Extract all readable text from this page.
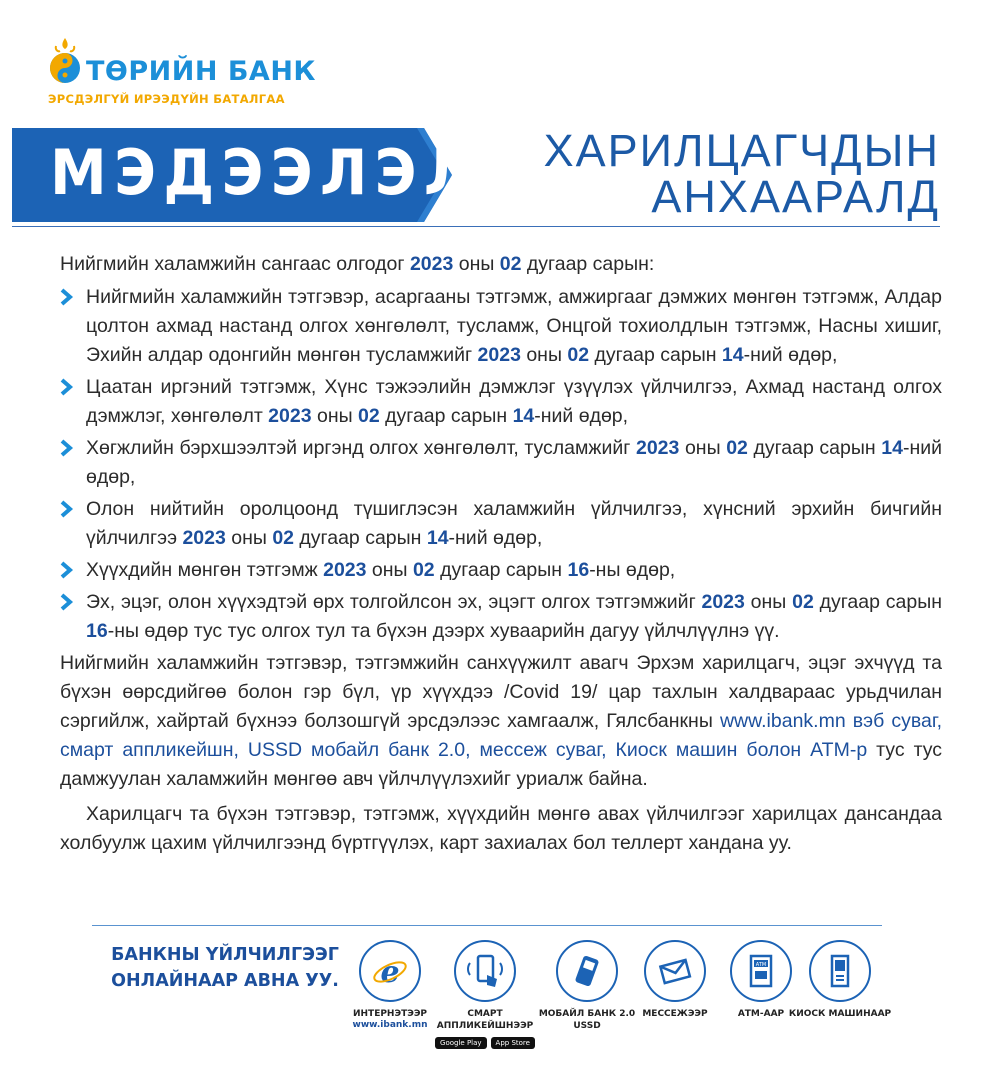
ТӨРИЙН БАНК
ЭРСДЭЛГҮЙ ИРЭЭДҮЙН БАТАЛГАА
МЭДЭЭЛЭЛ ХАРИЛЦАГЧДЫН
АНХААРАЛД

Нийгмийн халамжийн сангаас олгодог 2023 оны 02 дугаар сарын:

Нийгмийн халамжийн тэтгэвэр, асаргааны тэтгэмж, амжиргааг дэмжих мөнгөн тэтгэмж, Алдар цолтон ахмад настанд олгох хөнгөлөлт, тусламж, Онцгой тохиолдлын тэтгэмж, Насны хишиг, Эхийн алдар одонгийн мөнгөн тусламжийг 2023 оны 02 дугаар сарын 14-ний өдөр,
Цаатан иргэний тэтгэмж, Хүнс тэжээлийн дэмжлэг үзүүлэх үйлчилгээ, Ахмад настанд олгох дэмжлэг, хөнгөлөлт 2023 оны 02 дугаар сарын 14-ний өдөр,
Хөгжлийн бэрхшээлтэй иргэнд олгох хөнгөлөлт, тусламжийг 2023 оны 02 дугаар сарын 14-ний өдөр,
Олон нийтийн оролцоонд түшиглэсэн халамжийн үйлчилгээ, хүнсний эрхийн бичгийн үйлчилгээ 2023 оны 02 дугаар сарын 14-ний өдөр,
Хүүхдийн мөнгөн тэтгэмж 2023 оны 02 дугаар сарын 16-ны өдөр,
Эх, эцэг, олон хүүхэдтэй өрх толгойлсон эх, эцэгт олгох тэтгэмжийг 2023 оны 02 дугаар сарын 16-ны өдөр тус тус олгох тул та бүхэн дээрх хуваарийн дагуу үйлчлүүлнэ үү.

Нийгмийн халамжийн тэтгэвэр, тэтгэмжийн санхүүжилт авагч Эрхэм харилцагч, эцэг эхчүүд та бүхэн өөрсдийгөө болон гэр бүл, үр хүүхдээ /Covid 19/ цар тахлын халдвараас урьдчилан сэргийлж, хайртай бүхнээ болзошгүй эрсдэлээс хамгаалж, Гялсбанкны www.ibank.mn вэб суваг, смарт аппликейшн, USSD мобайл банк 2.0, мессеж суваг, Киоск машин болон АТМ-р тус тус дамжуулан халамжийн мөнгөө авч үйлчлүүлэхийг уриалж байна.

Харилцагч та бүхэн тэтгэвэр, тэтгэмж, хүүхдийн мөнгө авах үйлчилгээг харилцах дансандаа холбуулж цахим үйлчилгээнд бүртгүүлэх, карт захиалах бол теллерт хандана уу.

БАНКНЫ ҮЙЛЧИЛГЭЭГ
ОНЛАЙНААР АВНА УУ.	e
ИНТЕРНЭТЭЭР
www.ibank.mn
СМАРТ АППЛИКЕЙШНЭЭР
Google Play App Store
МОБАЙЛ БАНК 2.0 USSD
МЕССЕЖЭЭР
ATM
АТМ-ААР КИОСК МАШИНААР
